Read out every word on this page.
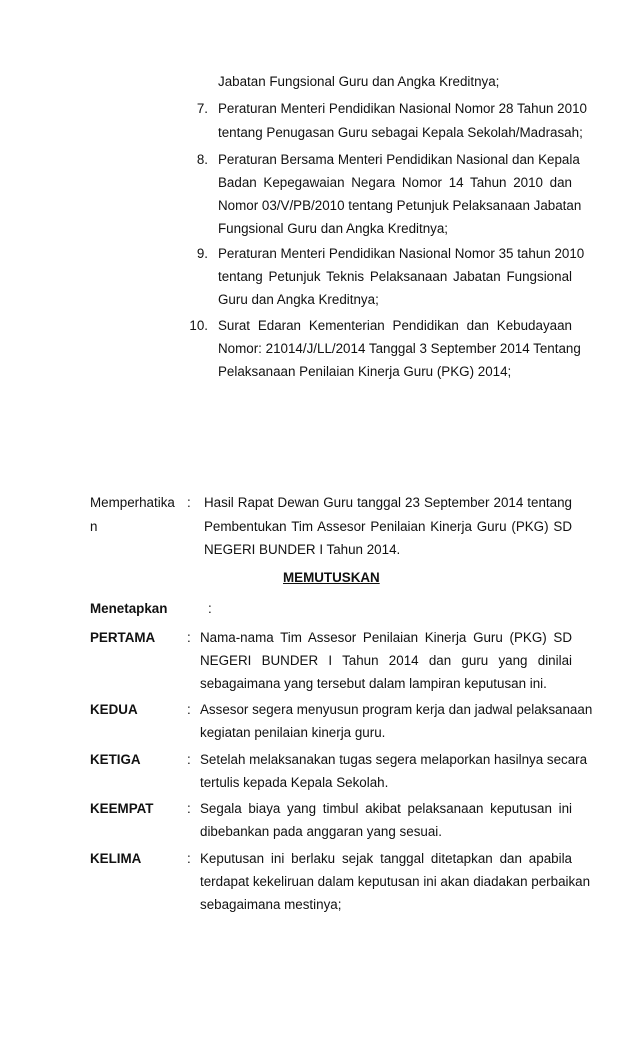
Jabatan Fungsional Guru dan Angka Kreditnya;
7. Peraturan Menteri Pendidikan Nasional Nomor 28 Tahun 2010
tentang Penugasan Guru sebagai Kepala Sekolah/Madrasah;
8. Peraturan Bersama Menteri Pendidikan Nasional dan Kepala
Badan Kepegawaian Negara Nomor 14 Tahun 2010 dan
Nomor 03/V/PB/2010 tentang Petunjuk Pelaksanaan Jabatan
Fungsional Guru dan Angka Kreditnya;
9. Peraturan Menteri Pendidikan Nasional Nomor 35 tahun 2010
tentang Petunjuk Teknis Pelaksanaan Jabatan Fungsional
Guru dan Angka Kreditnya;
10. Surat Edaran Kementerian Pendidikan dan Kebudayaan
Nomor: 21014/J/LL/2014 Tanggal 3 September 2014 Tentang
Pelaksanaan Penilaian Kinerja Guru (PKG) 2014;
Memperhatika
n
: Hasil Rapat Dewan Guru tanggal 23 September 2014 tentang
Pembentukan Tim Assesor Penilaian Kinerja Guru (PKG) SD
NEGERI BUNDER I Tahun 2014.
MEMUTUSKAN
Menetapkan	:
PERTAMA : Nama-nama Tim Assesor Penilaian Kinerja Guru (PKG) SD
NEGERI BUNDER I Tahun 2014 dan guru yang dinilai
sebagaimana yang tersebut dalam lampiran keputusan ini.
KEDUA	: Assesor segera menyusun program kerja dan jadwal pelaksanaan
kegiatan penilaian kinerja guru.
KETIGA	: Setelah melaksanakan tugas segera melaporkan hasilnya secara
tertulis kepada Kepala Sekolah.
KEEMPAT	: Segala biaya yang timbul akibat pelaksanaan keputusan ini
dibebankan pada anggaran yang sesuai.
KELIMA	: Keputusan ini berlaku sejak tanggal ditetapkan dan apabila
terdapat kekeliruan dalam keputusan ini akan diadakan perbaikan
sebagaimana mestinya;
